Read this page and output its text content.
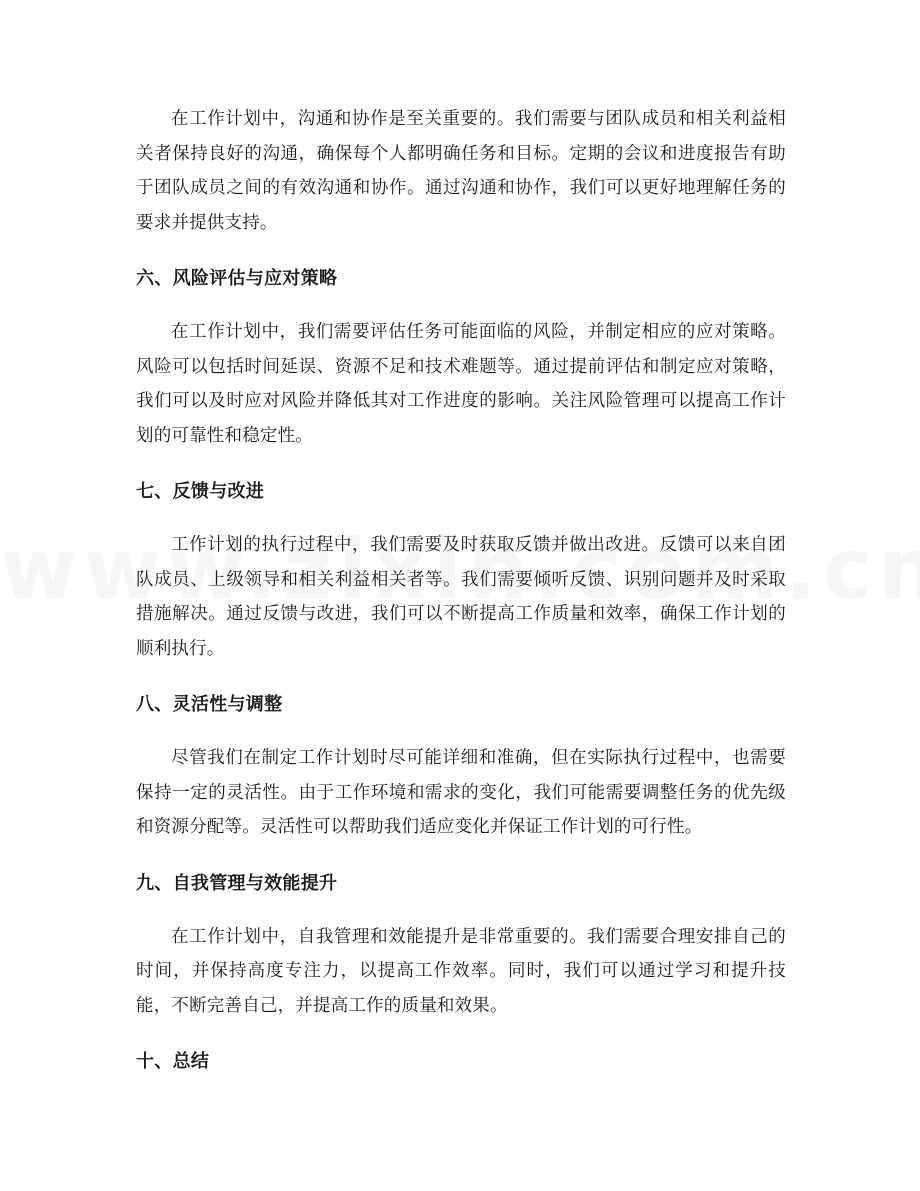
在工作计划中，沟通和协作是至关重要的。我们需要与团队成员和相关利益相关者保持良好的沟通，确保每个人都明确任务和目标。定期的会议和进度报告有助于团队成员之间的有效沟通和协作。通过沟通和协作，我们可以更好地理解任务的要求并提供支持。

六、风险评估与应对策略

在工作计划中，我们需要评估任务可能面临的风险，并制定相应的应对策略。风险可以包括时间延误、资源不足和技术难题等。通过提前评估和制定应对策略，我们可以及时应对风险并降低其对工作进度的影响。关注风险管理可以提高工作计划的可靠性和稳定性。

七、反馈与改进

工作计划的执行过程中，我们需要及时获取反馈并做出改进。反馈可以来自团队成员、上级领导和相关利益相关者等。我们需要倾听反馈、识别问题并及时采取措施解决。通过反馈与改进，我们可以不断提高工作质量和效率，确保工作计划的顺利执行。

八、灵活性与调整

尽管我们在制定工作计划时尽可能详细和准确，但在实际执行过程中，也需要保持一定的灵活性。由于工作环境和需求的变化，我们可能需要调整任务的优先级和资源分配等。灵活性可以帮助我们适应变化并保证工作计划的可行性。

九、自我管理与效能提升

在工作计划中，自我管理和效能提升是非常重要的。我们需要合理安排自己的时间，并保持高度专注力，以提高工作效率。同时，我们可以通过学习和提升技能，不断完善自己，并提高工作的质量和效果。

十、总结
